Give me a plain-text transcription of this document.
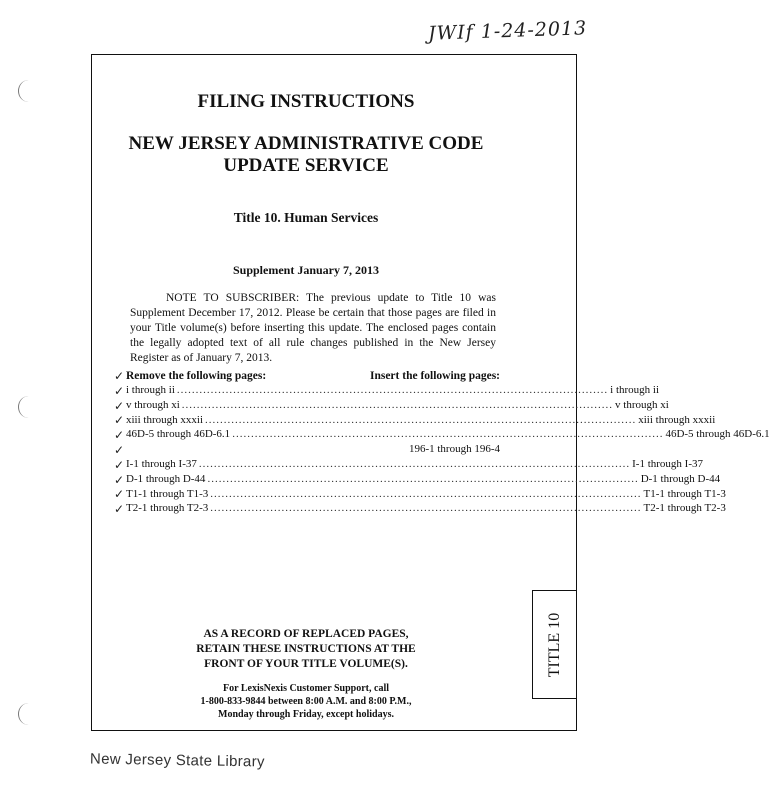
JWIf 1-24-2013
FILING INSTRUCTIONS
NEW JERSEY ADMINISTRATIVE CODE
UPDATE SERVICE
Title 10. Human Services
Supplement January 7, 2013

NOTE TO SUBSCRIBER: The previous update to Title 10 was Supplement December 17, 2012. Please be certain that those pages are filed in your Title volume(s) before inserting this update. The enclosed pages contain the legally adopted text of all rule changes published in the New Jersey Register as of January 7, 2013.

✓
✓
✓
✓
✓
✓
✓
✓
✓
✓
Remove the following pages:	Insert the following pages:
i through ii ................................................................................................................... i through ii
v through xi ................................................................................................................... v through xi
xiii through xxxii ................................................................................................................... xiii through xxxii
46D-5 through 46D-6.1 ................................................................................................................... 46D-5 through 46D-6.1
196-1 through 196-4
I-1 through I-37 ................................................................................................................... I-1 through I-37
D-1 through D-44 ................................................................................................................... D-1 through D-44
T1-1 through T1-3 ................................................................................................................... T1-1 through T1-3
T2-1 through T2-3 ................................................................................................................... T2-1 through T2-3
AS A RECORD OF REPLACED PAGES,
RETAIN THESE INSTRUCTIONS AT THE
FRONT OF YOUR TITLE VOLUME(S).
For LexisNexis Customer Support, call
1-800-833-9844 between 8:00 A.M. and 8:00 P.M.,
Monday through Friday, except holidays.
TITLE 10
New Jersey State Library
